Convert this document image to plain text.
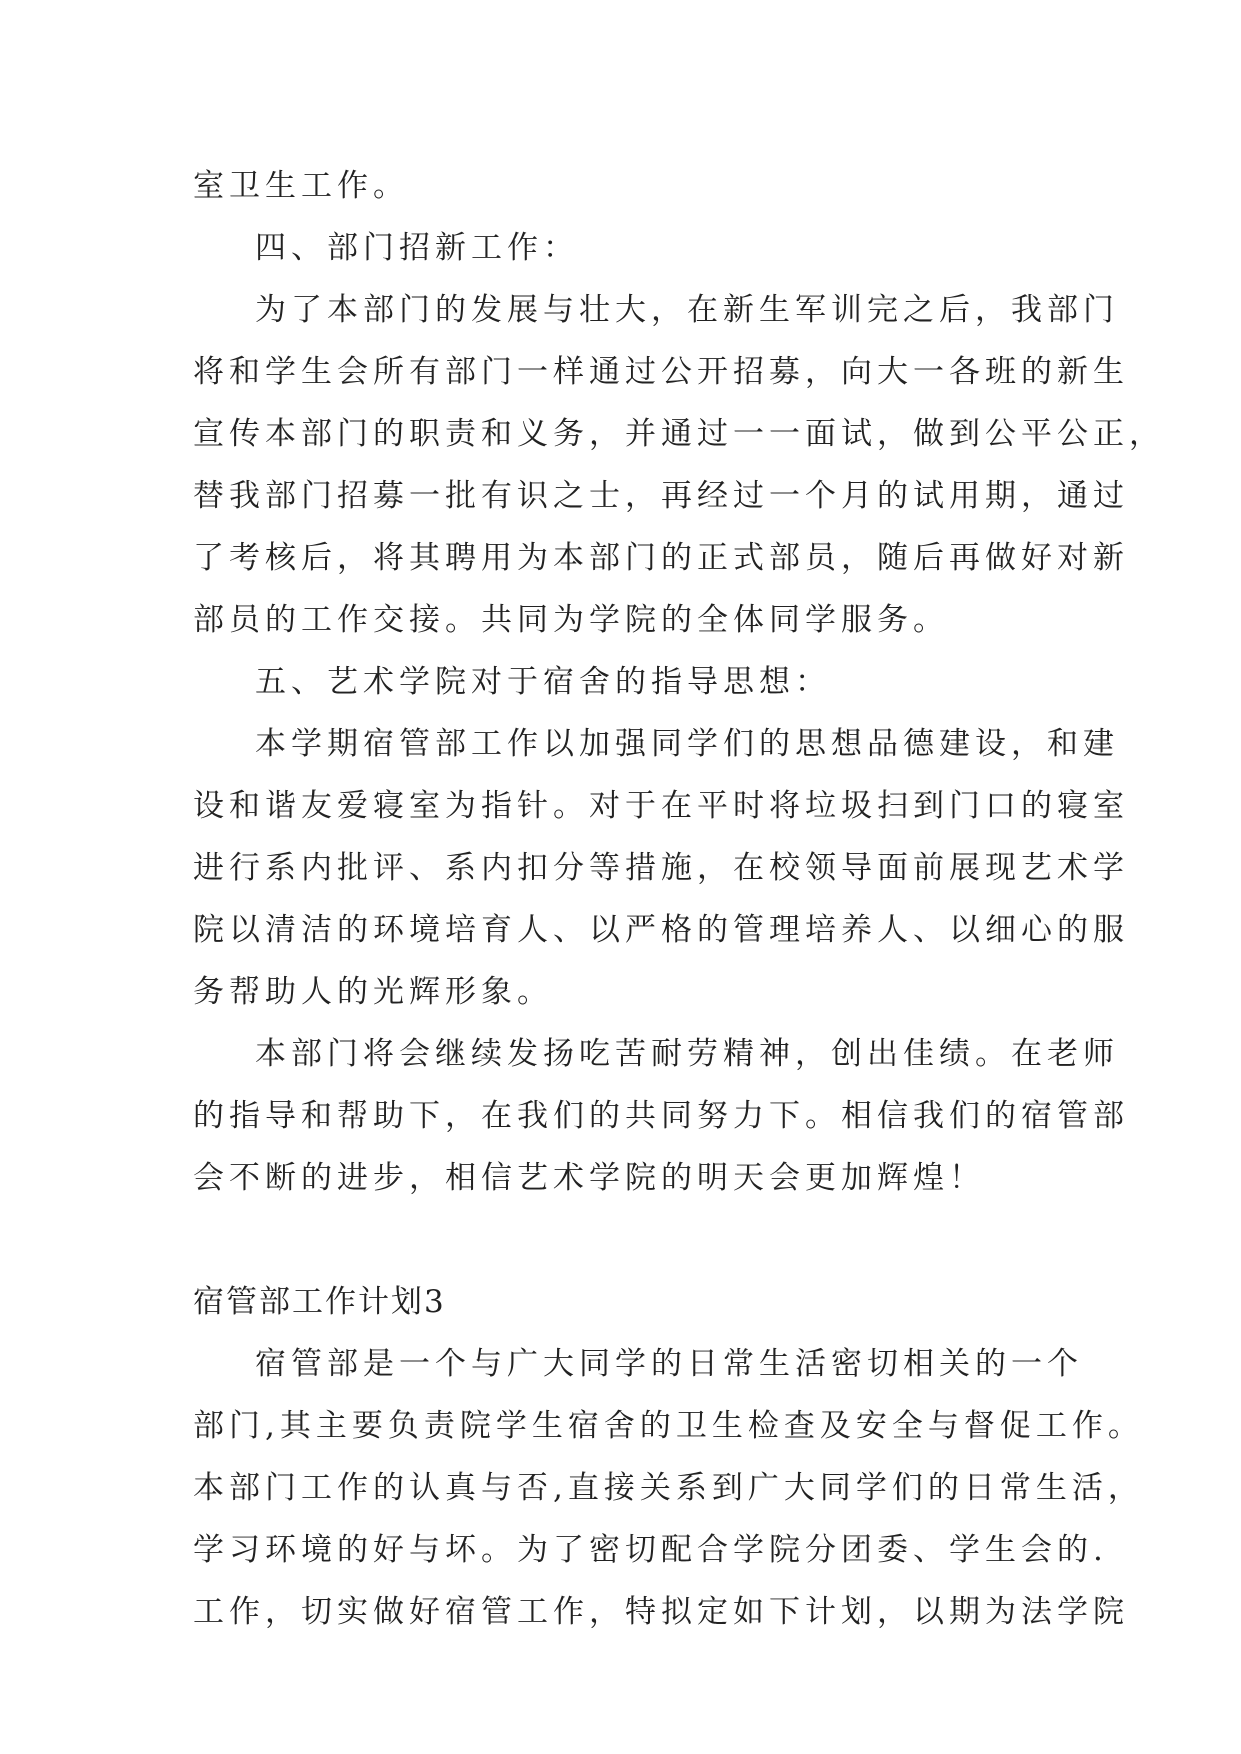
室卫生工作。
四、部门招新工作：
为了本部门的发展与壮大，在新生军训完之后，我部门
将和学生会所有部门一样通过公开招募，向大一各班的新生
宣传本部门的职责和义务，并通过一一面试，做到公平公正，
替我部门招募一批有识之士，再经过一个月的试用期，通过
了考核后，将其聘用为本部门的正式部员，随后再做好对新
部员的工作交接。共同为学院的全体同学服务。
五、艺术学院对于宿舍的指导思想：
本学期宿管部工作以加强同学们的思想品德建设，和建
设和谐友爱寝室为指针。对于在平时将垃圾扫到门口的寝室
进行系内批评、系内扣分等措施，在校领导面前展现艺术学
院以清洁的环境培育人、以严格的管理培养人、以细心的服
务帮助人的光辉形象。
本部门将会继续发扬吃苦耐劳精神，创出佳绩。在老师
的指导和帮助下，在我们的共同努力下。相信我们的宿管部
会不断的进步，相信艺术学院的明天会更加辉煌！
宿管部工作计划3
宿管部是一个与广大同学的日常生活密切相关的一个
部门,其主要负责院学生宿舍的卫生检查及安全与督促工作。
本部门工作的认真与否,直接关系到广大同学们的日常生活，
学习环境的好与坏。为了密切配合学院分团委、学生会的.
工作，切实做好宿管工作，特拟定如下计划，以期为法学院
